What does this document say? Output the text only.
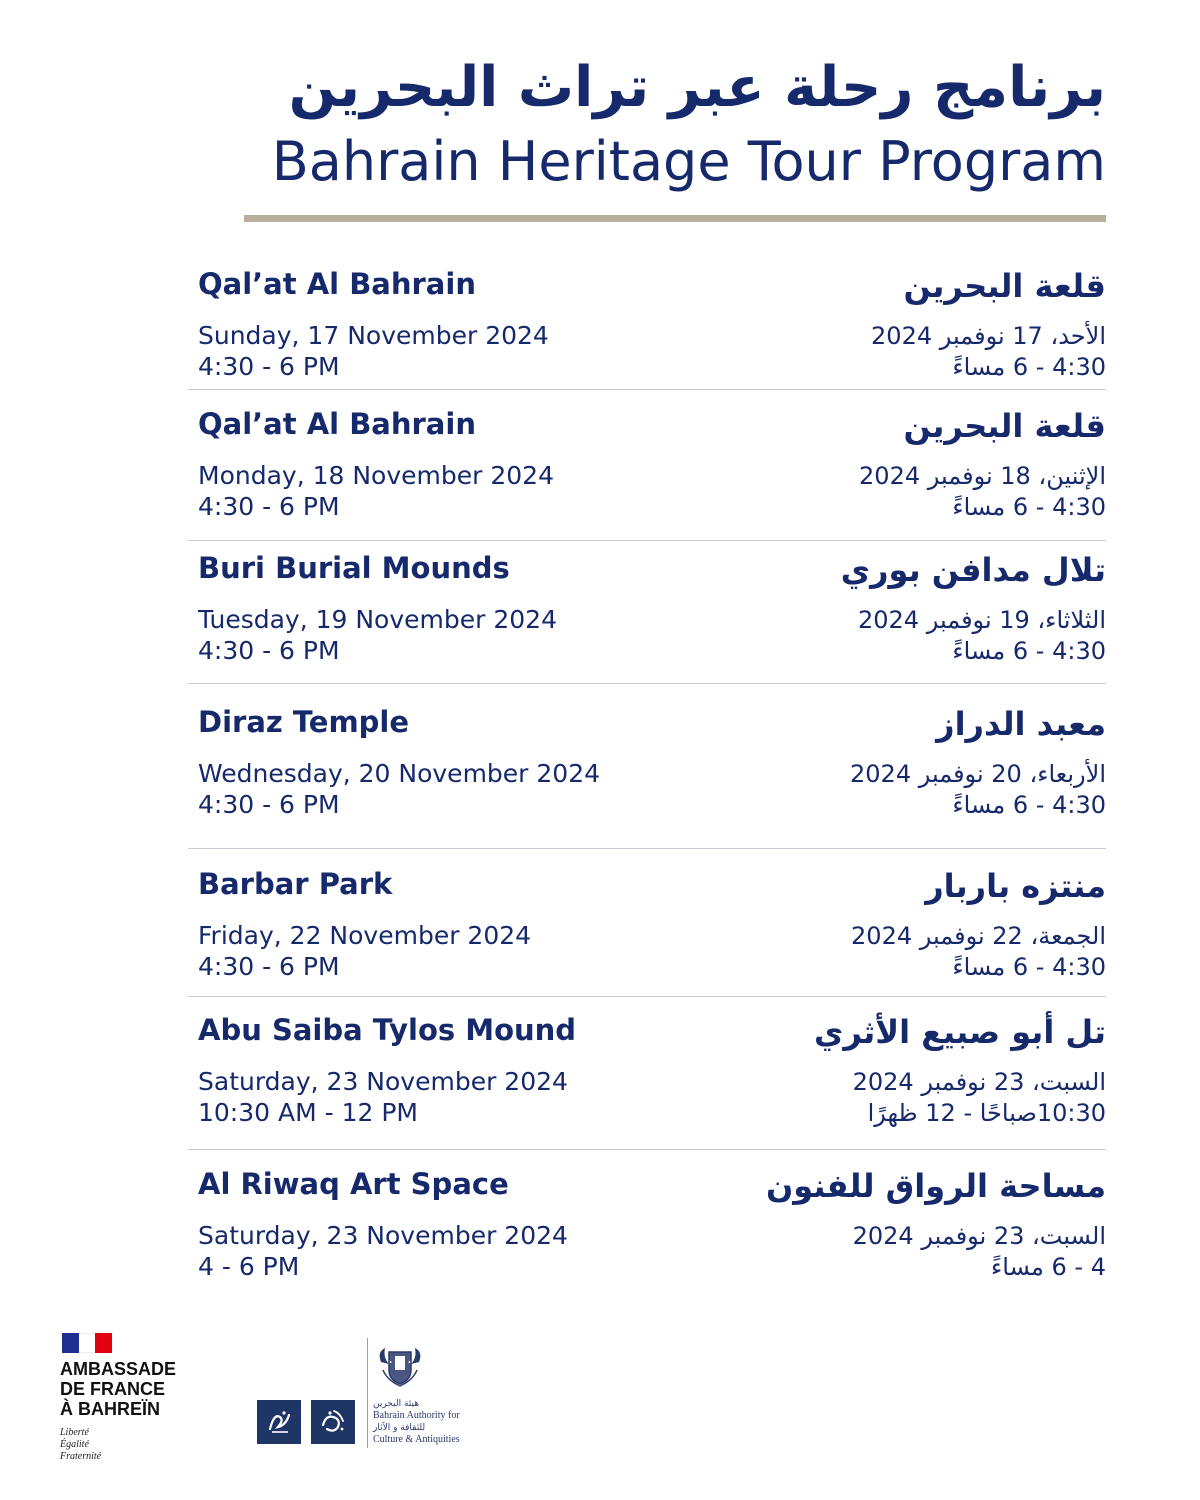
برنامج رحلة عبر تراث البحرين
Bahrain Heritage Tour Program
Qal’at Al Bahrain
Sunday, 17 November 2024
4:30 - 6 PM
قلعة البحرين
الأحد، 17 نوفمبر 2024
4:30 - 6 مساءً
Qal’at Al Bahrain
Monday, 18 November 2024
4:30 - 6 PM
قلعة البحرين
الإثنين، 18 نوفمبر 2024
4:30 - 6 مساءً
Buri Burial Mounds
Tuesday, 19 November 2024
4:30 - 6 PM
تلال مدافن بوري
الثلاثاء، 19 نوفمبر 2024
4:30 - 6 مساءً
Diraz Temple
Wednesday, 20 November 2024
4:30 - 6 PM
معبد الدراز
الأربعاء، 20 نوفمبر 2024
4:30 - 6 مساءً
Barbar Park
Friday, 22 November 2024
4:30 - 6 PM
منتزه باربار
الجمعة، 22 نوفمبر 2024
4:30 - 6 مساءً
Abu Saiba Tylos Mound
Saturday, 23 November 2024
10:30 AM - 12 PM
تل أبو صبيع الأثري
السبت، 23 نوفمبر 2024
10:30صباحًا - 12 ظهرًا
Al Riwaq Art Space
Saturday, 23 November 2024
4 - 6 PM
مساحة الرواق للفنون
السبت، 23 نوفمبر 2024
4 - 6 مساءً
AMBASSADE
DE FRANCE
À BAHREÏN
Liberté
Égalité
Fraternité
هيئة البحرين
Bahrain Authority for
للثقافة و الآثار
Culture & Antiquities
